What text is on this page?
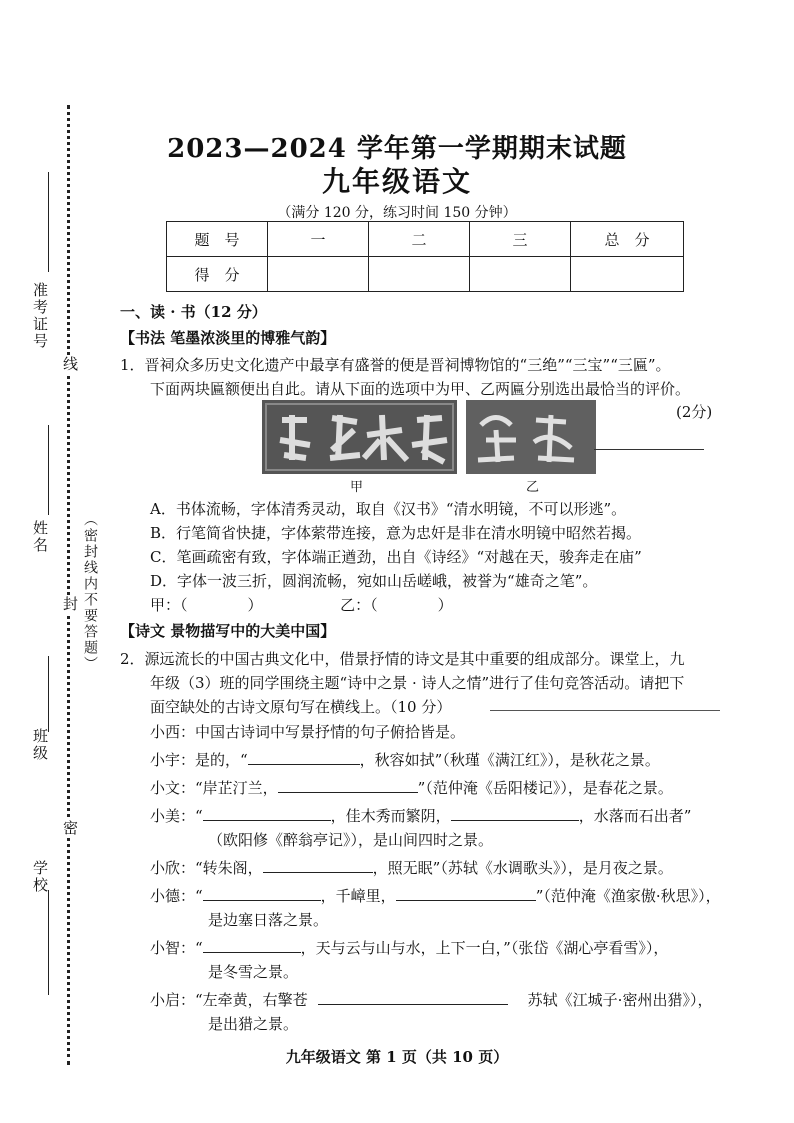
准考证号
姓名
班级
学校
（密封线内不要答题）
线
封
密
2023—2024 学年第一学期期末试题
九年级语文
（满分 120 分，练习时间 150 分钟）
题　号	一	二	三	总　分
得　分				
一、读 · 书（12 分）
【书法 笔墨浓淡里的博雅气韵】
1．晋祠众多历史文化遗产中最享有盛誉的便是晋祠博物馆的“三绝”“三宝”“三匾”。
下面两块匾额便出自此。请从下面的选项中为甲、乙两匾分别选出最恰当的评价。
(2分)
甲	乙
A．书体流畅，字体清秀灵动，取自《汉书》“清水明镜，不可以形逃”。
B．行笔简省快捷，字体萦带连接，意为忠奸是非在清水明镜中昭然若揭。
C．笔画疏密有致，字体端正遒劲，出自《诗经》“对越在天，骏奔走在庙”
D．字体一波三折，圆润流畅，宛如山岳嵯峨，被誉为“雄奇之笔”。
甲：（	）	乙：（	）
【诗文 景物描写中的大美中国】
2．源远流长的中国古典文化中，借景抒情的诗文是其中重要的组成部分。课堂上，九
年级（3）班的同学围绕主题“诗中之景 · 诗人之情”进行了佳句竞答活动。请把下
面空缺处的古诗文原句写在横线上。（10 分）
小西：中国古诗词中写景抒情的句子俯拾皆是。
小宇：是的，“	，秋容如拭”（秋瑾《满江红》），是秋花之景。
小文：“岸芷汀兰，	”（范仲淹《岳阳楼记》），是春花之景。
小美：“	，佳木秀而繁阴，	，水落而石出者”
（欧阳修《醉翁亭记》），是山间四时之景。
小欣：“转朱阁，	，照无眠”（苏轼《水调歌头》），是月夜之景。
小德：“	，千嶂里，	”（范仲淹《渔家傲·秋思》），
是边塞日落之景。
小智：“	，天与云与山与水，上下一白，”（张岱《湖心亭看雪》），
是冬雪之景。
小启：“左牵黄，右擎苍	苏轼《江城子·密州出猎》），
是出猎之景。
九年级语文 第 1 页（共 10 页）
